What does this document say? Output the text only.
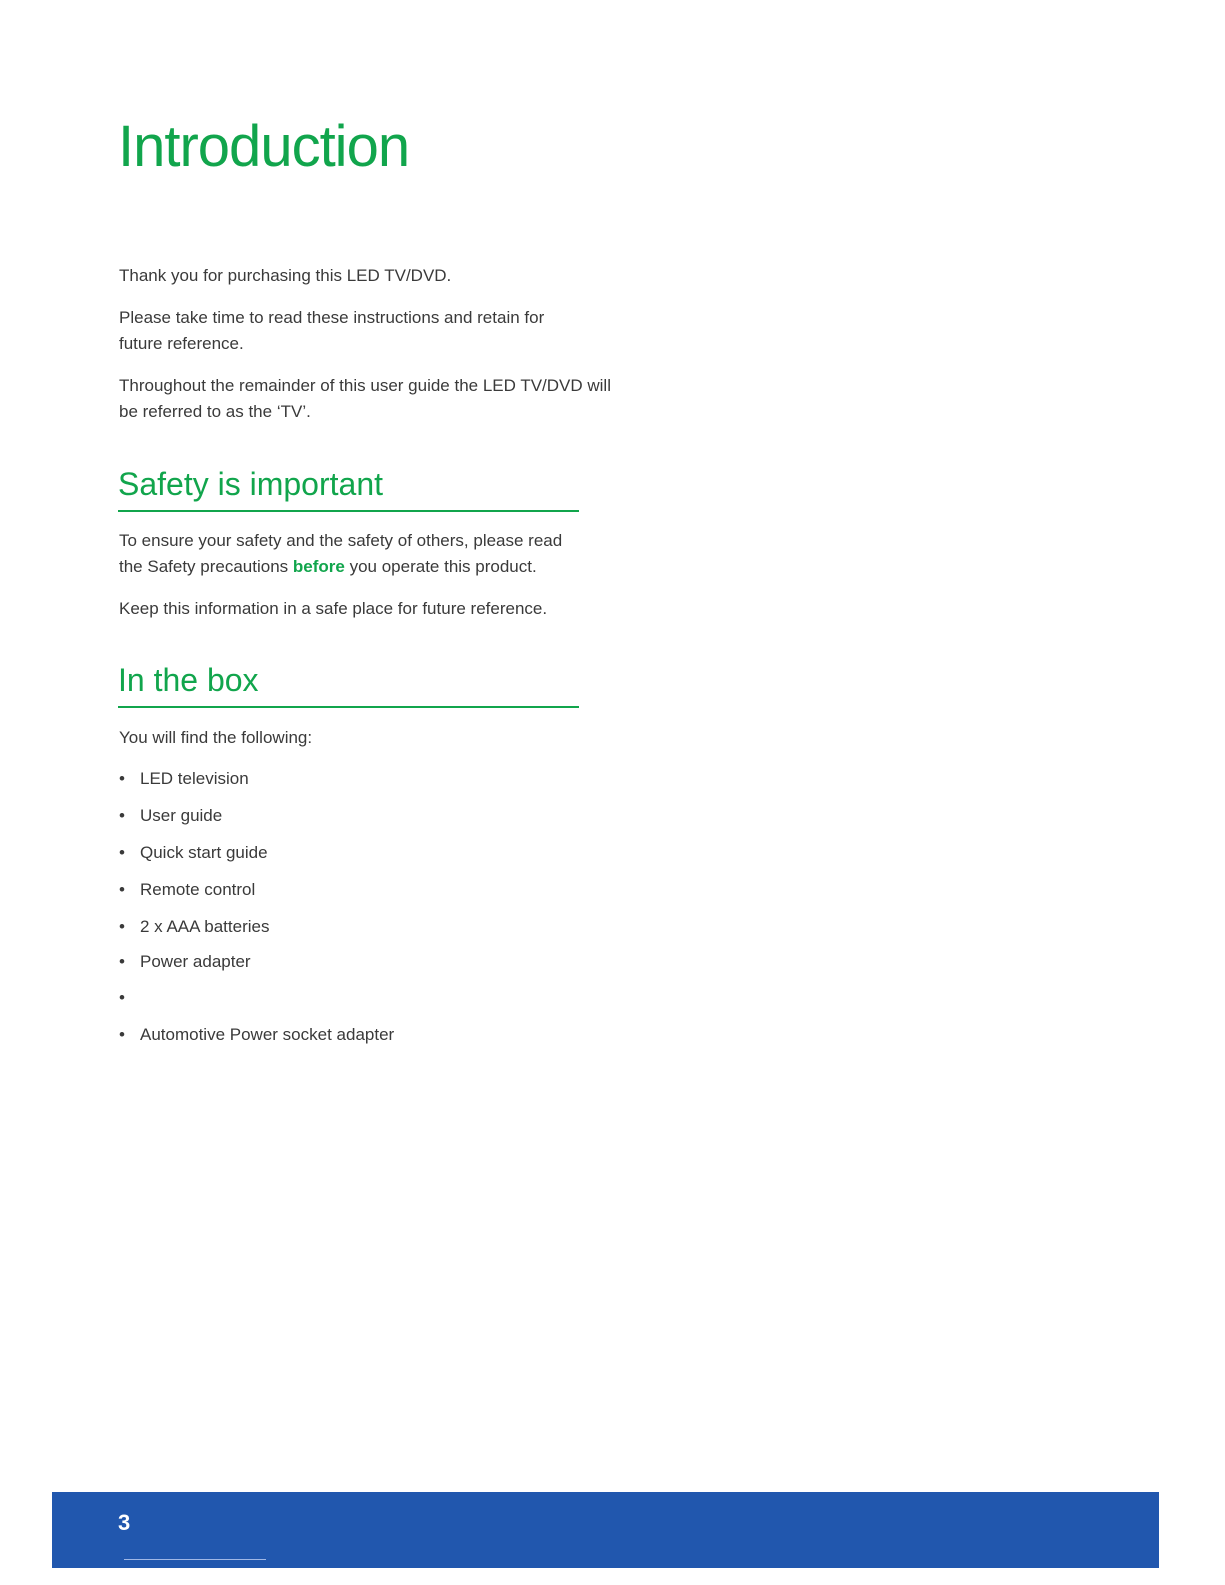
Introduction

Thank you for purchasing this LED TV/DVD.

Please take time to read these instructions and retain for future reference.

Throughout the remainder of this user guide the LED TV/DVD will be referred to as the ‘TV’.

Safety is important

To ensure your safety and the safety of others, please read the Safety precautions before you operate this product.

Keep this information in a safe place for future reference.

In the box

You will find the following:

• LED television
• User guide
• Quick start guide
• Remote control
• 2 x AAA batteries
• Power adapter
•
• Automotive Power socket adapter
3
